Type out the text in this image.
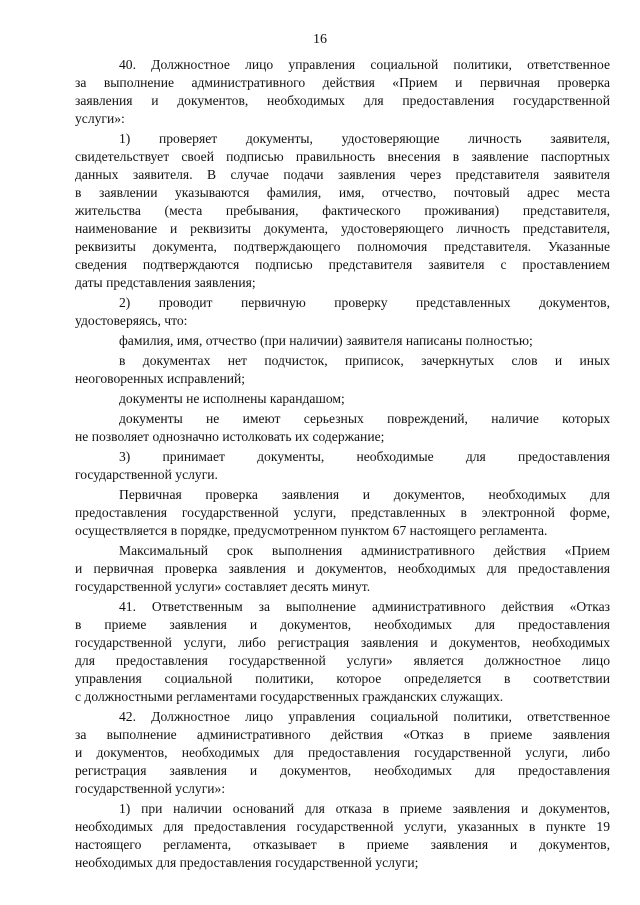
16
40. Должностное лицо управления социальной политики, ответственное
за выполнение административного действия «Прием и первичная проверка
заявления и документов, необходимых для предоставления государственной
услуги»:
1) проверяет документы, удостоверяющие личность заявителя,
свидетельствует своей подписью правильность внесения в заявление паспортных
данных заявителя. В случае подачи заявления через представителя заявителя
в заявлении указываются фамилия, имя, отчество, почтовый адрес места
жительства (места пребывания, фактического проживания) представителя,
наименование и реквизиты документа, удостоверяющего личность представителя,
реквизиты документа, подтверждающего полномочия представителя. Указанные
сведения подтверждаются подписью представителя заявителя с проставлением
даты представления заявления;
2) проводит первичную проверку представленных документов,
удостоверяясь, что:
фамилия, имя, отчество (при наличии) заявителя написаны полностью;
в документах нет подчисток, приписок, зачеркнутых слов и иных
неоговоренных исправлений;
документы не исполнены карандашом;
документы не имеют серьезных повреждений, наличие которых
не позволяет однозначно истолковать их содержание;
3) принимает документы, необходимые для предоставления
государственной услуги.
Первичная проверка заявления и документов, необходимых для
предоставления государственной услуги, представленных в электронной форме,
осуществляется в порядке, предусмотренном пунктом 67 настоящего регламента.
Максимальный срок выполнения административного действия «Прием
и первичная проверка заявления и документов, необходимых для предоставления
государственной услуги» составляет десять минут.
41. Ответственным за выполнение административного действия «Отказ
в приеме заявления и документов, необходимых для предоставления
государственной услуги, либо регистрация заявления и документов, необходимых
для предоставления государственной услуги» является должностное лицо
управления социальной политики, которое определяется в соответствии
с должностными регламентами государственных гражданских служащих.
42. Должностное лицо управления социальной политики, ответственное
за выполнение административного действия «Отказ в приеме заявления
и документов, необходимых для предоставления государственной услуги, либо
регистрация заявления и документов, необходимых для предоставления
государственной услуги»:
1) при наличии оснований для отказа в приеме заявления и документов,
необходимых для предоставления государственной услуги, указанных в пункте 19
настоящего регламента, отказывает в приеме заявления и документов,
необходимых для предоставления государственной услуги;
